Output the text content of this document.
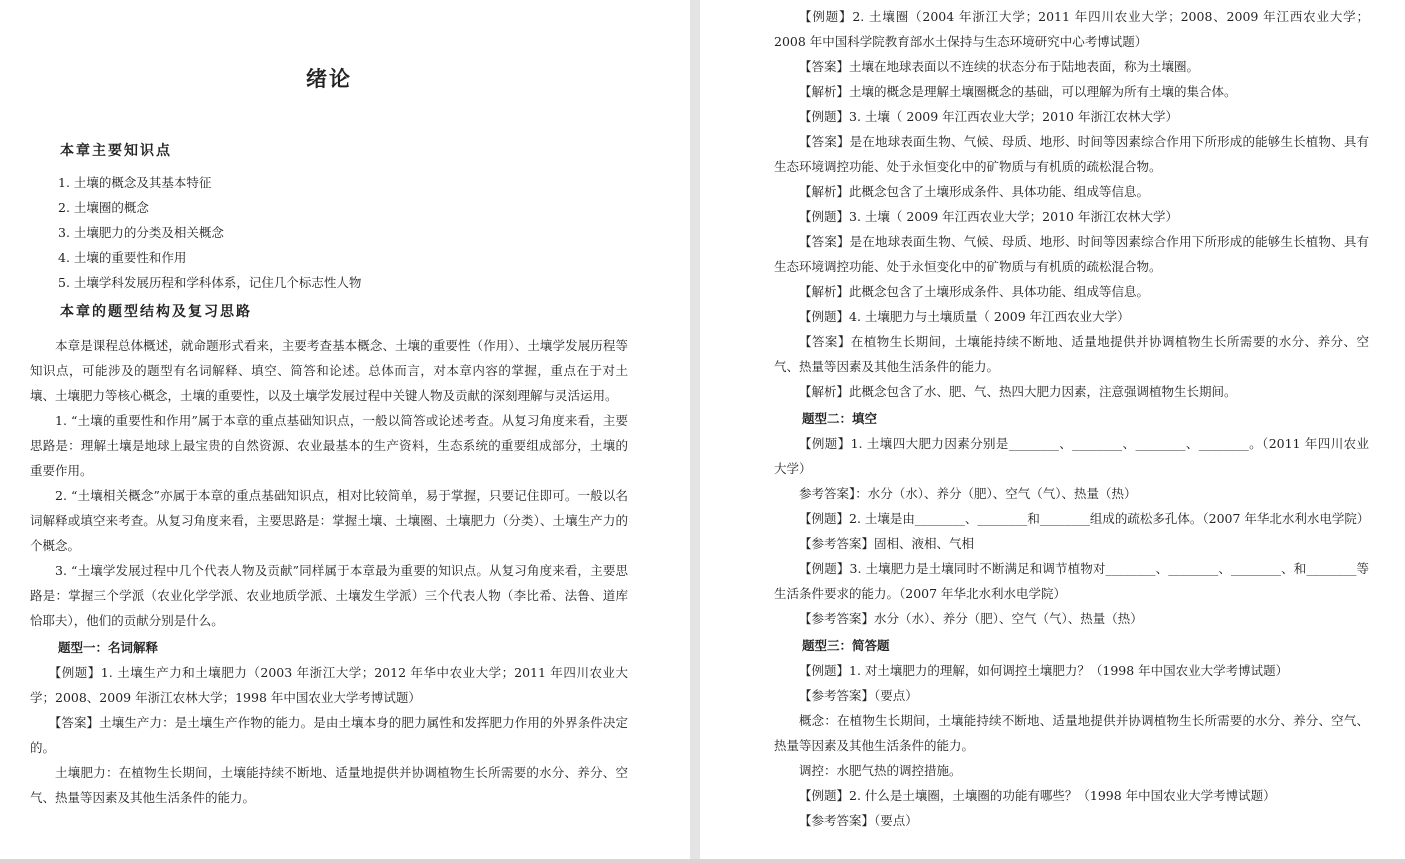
绪论
本章主要知识点
1. 土壤的概念及其基本特征
2. 土壤圈的概念
3. 土壤肥力的分类及相关概念
4. 土壤的重要性和作用
5. 土壤学科发展历程和学科体系，记住几个标志性人物
本章的题型结构及复习思路

本章是课程总体概述，就命题形式看来，主要考查基本概念、土壤的重要性（作用）、土壤学发展历程等知识点，可能涉及的题型有名词解释、填空、简答和论述。总体而言，对本章内容的掌握，重点在于对土壤、土壤肥力等核心概念，土壤的重要性，以及土壤学发展过程中关键人物及贡献的深刻理解与灵活运用。

1. “土壤的重要性和作用”属于本章的重点基础知识点，一般以简答或论述考查。从复习角度来看，主要思路是：理解土壤是地球上最宝贵的自然资源、农业最基本的生产资料，生态系统的重要组成部分，土壤的重要作用。

2. “土壤相关概念”亦属于本章的重点基础知识点，相对比较简单，易于掌握，只要记住即可。一般以名词解释或填空来考查。从复习角度来看，主要思路是：掌握土壤、土壤圈、土壤肥力（分类）、土壤生产力的个概念。

3. “土壤学发展过程中几个代表人物及贡献”同样属于本章最为重要的知识点。从复习角度来看，主要思路是：掌握三个学派（农业化学学派、农业地质学派、土壤发生学派）三个代表人物（李比希、法鲁、道库恰耶夫），他们的贡献分别是什么。

题型一：名词解释

【例题】1. 土壤生产力和土壤肥力（2003 年浙江大学；2012 年华中农业大学；2011 年四川农业大学；2008、2009 年浙江农林大学；1998 年中国农业大学考博试题）

【答案】土壤生产力：是土壤生产作物的能力。是由土壤本身的肥力属性和发挥肥力作用的外界条件决定的。

土壤肥力：在植物生长期间，土壤能持续不断地、适量地提供并协调植物生长所需要的水分、养分、空气、热量等因素及其他生活条件的能力。

【例题】2. 土壤圈（2004 年浙江大学；2011 年四川农业大学；2008、2009 年江西农业大学；2008 年中国科学院教育部水土保持与生态环境研究中心考博试题）

【答案】土壤在地球表面以不连续的状态分布于陆地表面，称为土壤圈。

【解析】土壤的概念是理解土壤圈概念的基础，可以理解为所有土壤的集合体。

【例题】3. 土壤（ 2009 年江西农业大学；2010 年浙江农林大学）

【答案】是在地球表面生物、气候、母质、地形、时间等因素综合作用下所形成的能够生长植物、具有生态环境调控功能、处于永恒变化中的矿物质与有机质的疏松混合物。

【解析】此概念包含了土壤形成条件、具体功能、组成等信息。

【例题】3. 土壤（ 2009 年江西农业大学；2010 年浙江农林大学）

【答案】是在地球表面生物、气候、母质、地形、时间等因素综合作用下所形成的能够生长植物、具有生态环境调控功能、处于永恒变化中的矿物质与有机质的疏松混合物。

【解析】此概念包含了土壤形成条件、具体功能、组成等信息。

【例题】4. 土壤肥力与土壤质量（ 2009 年江西农业大学）

【答案】在植物生长期间，土壤能持续不断地、适量地提供并协调植物生长所需要的水分、养分、空气、热量等因素及其他生活条件的能力。

【解析】此概念包含了水、肥、气、热四大肥力因素，注意强调植物生长期间。

题型二：填空

【例题】1. 土壤四大肥力因素分别是________、________、________、________。（2011 年四川农业大学）

参考答案】：水分（水）、养分（肥）、空气（气）、热量（热）

【例题】2. 土壤是由________、________和________组成的疏松多孔体。（2007 年华北水利水电学院）

【参考答案】固相、液相、气相

【例题】3. 土壤肥力是土壤同时不断满足和调节植物对________、________、________、和________等生活条件要求的能力。（2007 年华北水利水电学院）

【参考答案】水分（水）、养分（肥）、空气（气）、热量（热）

题型三：简答题

【例题】1. 对土壤肥力的理解，如何调控土壤肥力？（1998 年中国农业大学考博试题）

【参考答案】（要点）

概念：在植物生长期间，土壤能持续不断地、适量地提供并协调植物生长所需要的水分、养分、空气、热量等因素及其他生活条件的能力。

调控：水肥气热的调控措施。

【例题】2. 什么是土壤圈，土壤圈的功能有哪些？（1998 年中国农业大学考博试题）

【参考答案】（要点）
